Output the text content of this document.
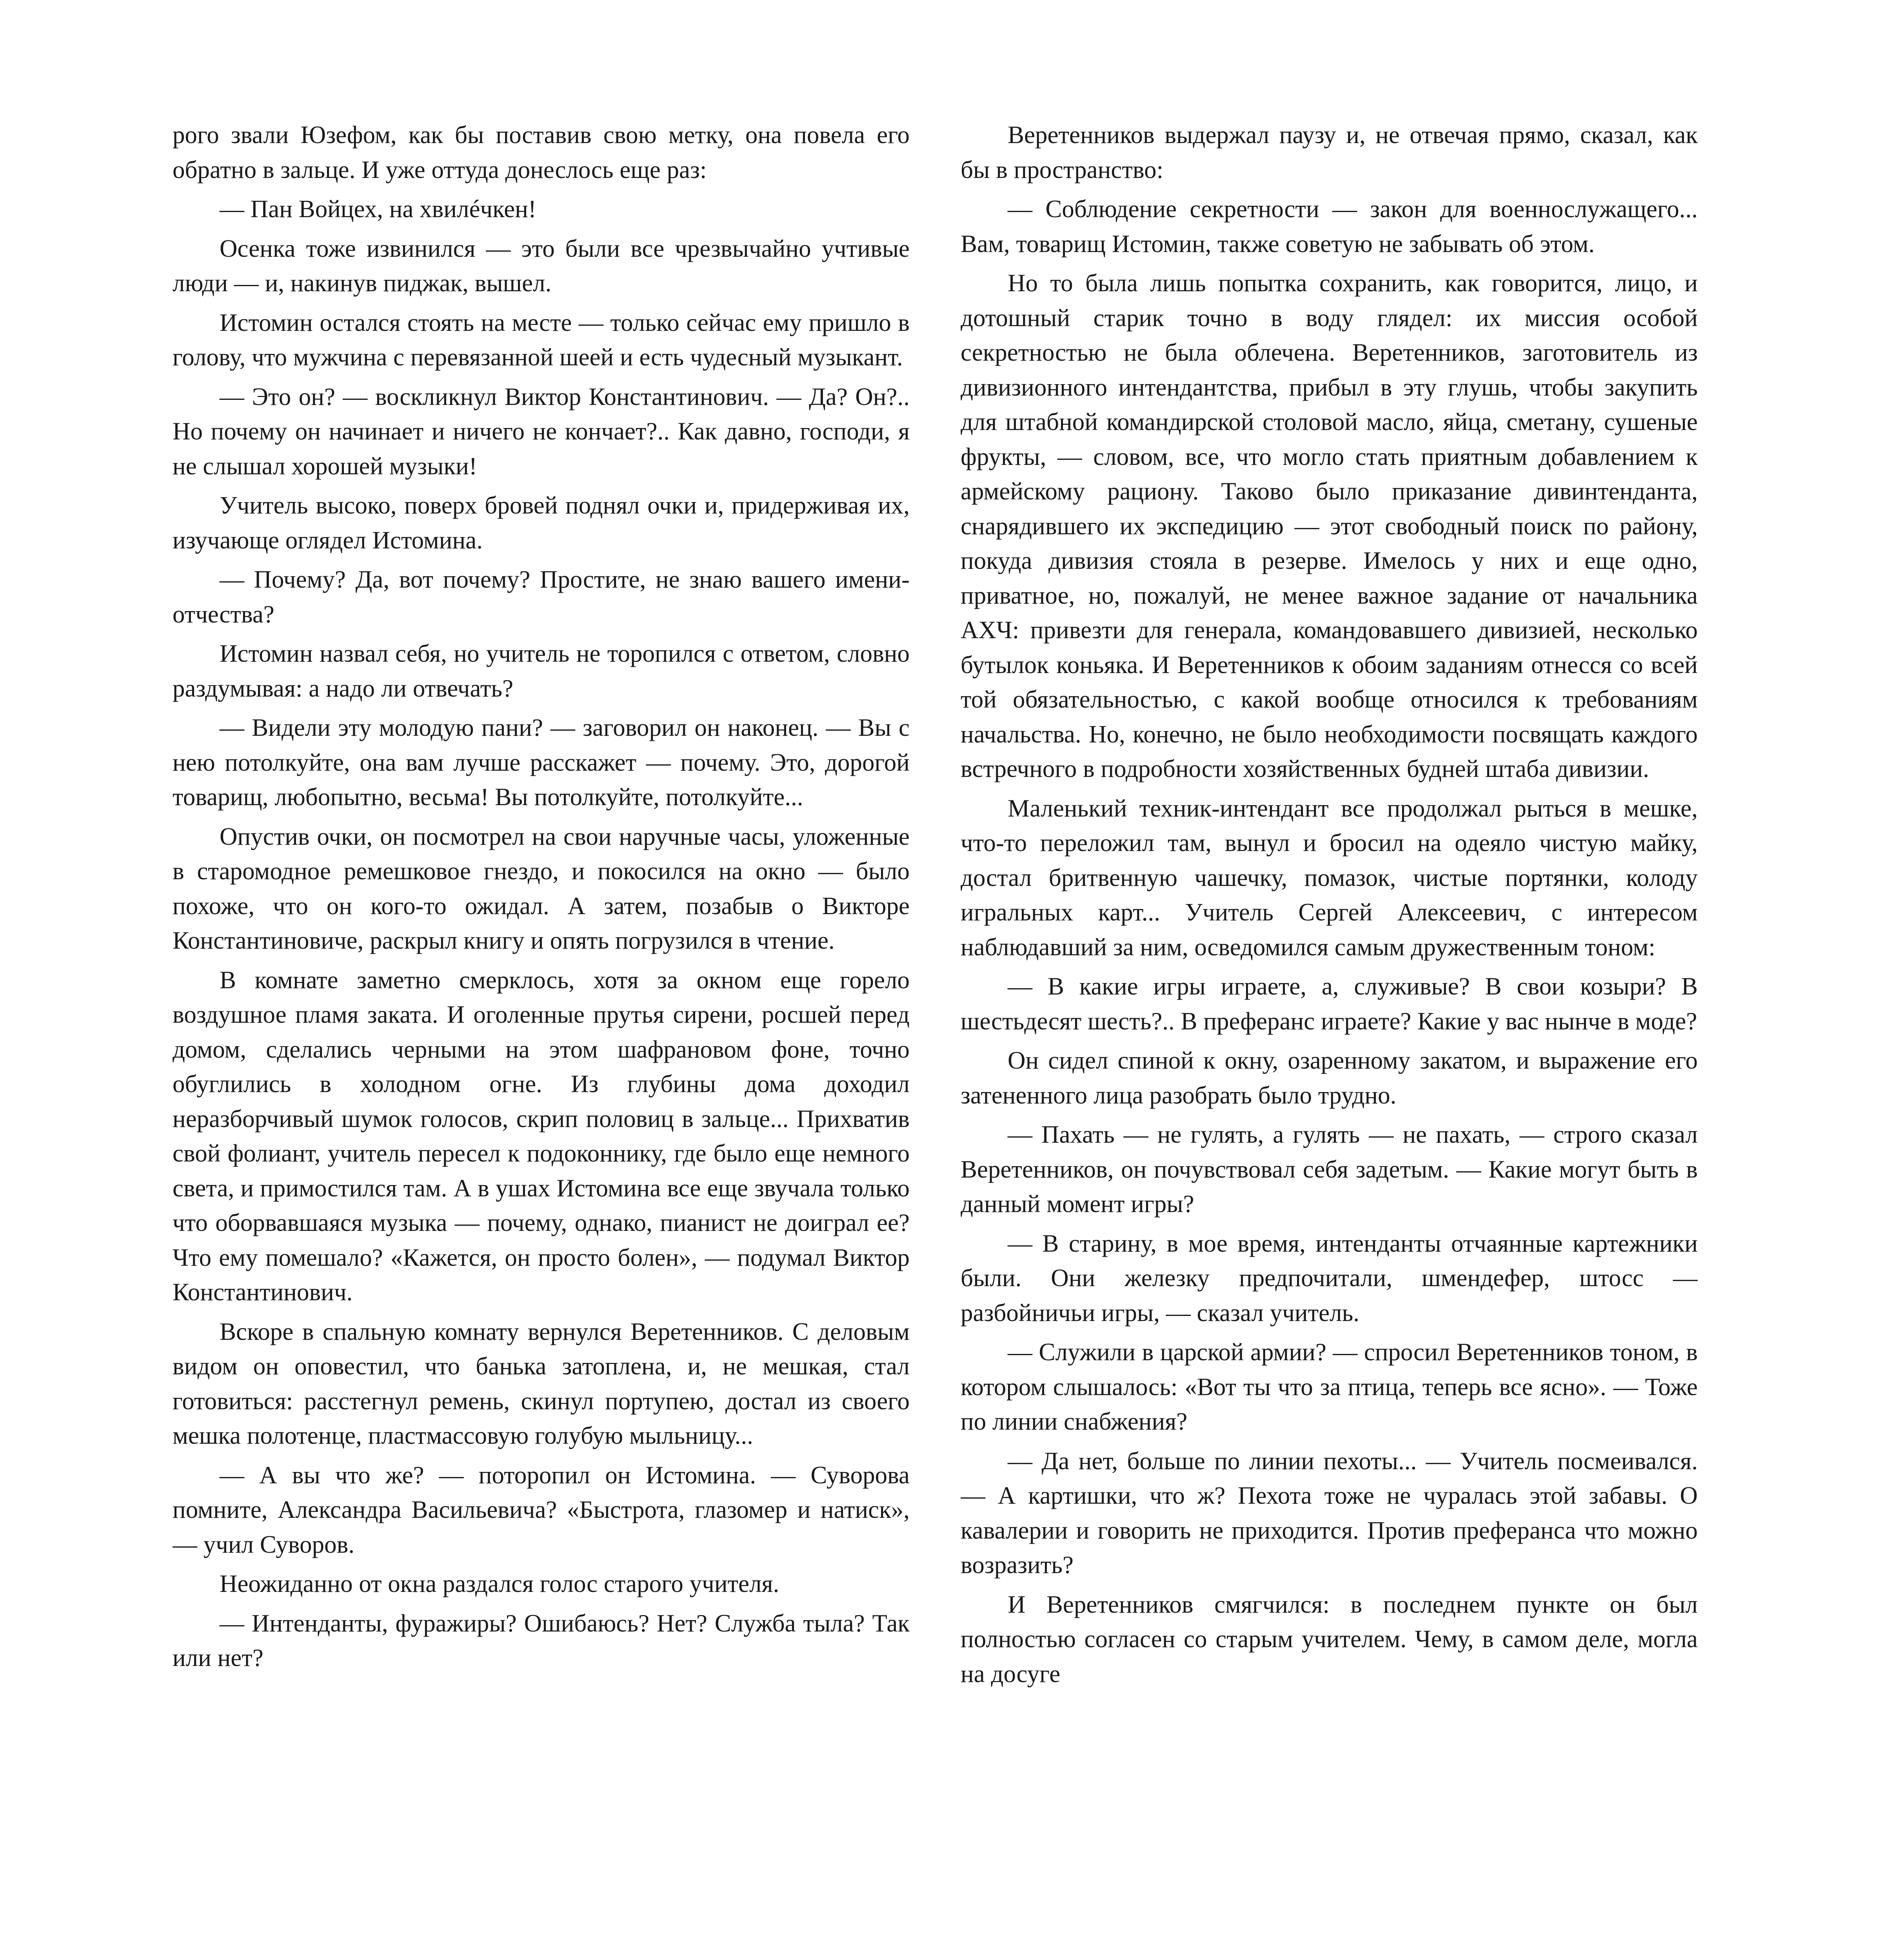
рого звали Юзефом, как бы поставив свою метку, она повела его обратно в зальце. И уже оттуда донеслось еще раз:

— Пан Войцех, на хвилéчкен!

Осенка тоже извинился — это были все чрезвычайно учтивые люди — и, накинув пиджак, вышел.

Истомин остался стоять на месте — только сейчас ему пришло в голову, что мужчина с перевязанной шеей и есть чудесный музыкант.

— Это он? — воскликнул Виктор Константинович. — Да? Он?.. Но почему он начинает и ничего не кончает?.. Как давно, господи, я не слышал хорошей музыки!

Учитель высоко, поверх бровей поднял очки и, придерживая их, изучающе оглядел Истомина.

— Почему? Да, вот почему? Простите, не знаю вашего имени-отчества?

Истомин назвал себя, но учитель не торопился с ответом, словно раздумывая: а надо ли отвечать?

— Видели эту молодую пани? — заговорил он наконец. — Вы с нею потолкуйте, она вам лучше расскажет — почему. Это, дорогой товарищ, любопытно, весьма! Вы потолкуйте, потолкуйте...

Опустив очки, он посмотрел на свои наручные часы, уложенные в старомодное ремешковое гнездо, и покосился на окно — было похоже, что он кого-то ожидал. А затем, позабыв о Викторе Константиновиче, раскрыл книгу и опять погрузился в чтение.

В комнате заметно смерклось, хотя за окном еще горело воздушное пламя заката. И оголенные прутья сирени, росшей перед домом, сделались черными на этом шафрановом фоне, точно обуглились в холодном огне. Из глубины дома доходил неразборчивый шумок голосов, скрип половиц в зальце... Прихватив свой фолиант, учитель пересел к подоконнику, где было еще немного света, и примостился там. А в ушах Истомина все еще звучала только что оборвавшаяся музыка — почему, однако, пианист не доиграл ее? Что ему помешало? «Кажется, он просто болен», — подумал Виктор Константинович.

Вскоре в спальную комнату вернулся Веретенников. С деловым видом он оповестил, что банька затоплена, и, не мешкая, стал готовиться: расстегнул ремень, скинул портупею, достал из своего мешка полотенце, пластмассовую голубую мыльницу...

— А вы что же? — поторопил он Истомина. — Суворова помните, Александра Васильевича? «Быстрота, глазомер и натиск», — учил Суворов.

Неожиданно от окна раздался голос старого учителя.

— Интенданты, фуражиры? Ошибаюсь? Нет? Служба тыла? Так или нет?

Веретенников выдержал паузу и, не отвечая прямо, сказал, как бы в пространство:

— Соблюдение секретности — закон для военнослужащего... Вам, товарищ Истомин, также советую не забывать об этом.

Но то была лишь попытка сохранить, как говорится, лицо, и дотошный старик точно в воду глядел: их миссия особой секретностью не была облечена. Веретенников, заготовитель из дивизионного интендантства, прибыл в эту глушь, чтобы закупить для штабной командирской столовой масло, яйца, сметану, сушеные фрукты, — словом, все, что могло стать приятным добавлением к армейскому рациону. Таково было приказание дивинтенданта, снарядившего их экспедицию — этот свободный поиск по району, покуда дивизия стояла в резерве. Имелось у них и еще одно, приватное, но, пожалуй, не менее важное задание от начальника АХЧ: привезти для генерала, командовавшего дивизией, несколько бутылок коньяка. И Веретенников к обоим заданиям отнесся со всей той обязательностью, с какой вообще относился к требованиям начальства. Но, конечно, не было необходимости посвящать каждого встречного в подробности хозяйственных будней штаба дивизии.

Маленький техник-интендант все продолжал рыться в мешке, что-то переложил там, вынул и бросил на одеяло чистую майку, достал бритвенную чашечку, помазок, чистые портянки, колоду игральных карт... Учитель Сергей Алексеевич, с интересом наблюдавший за ним, осведомился самым дружественным тоном:

— В какие игры играете, а, служивые? В свои козыри? В шестьдесят шесть?.. В преферанс играете? Какие у вас нынче в моде?

Он сидел спиной к окну, озаренному закатом, и выражение его затененного лица разобрать было трудно.

— Пахать — не гулять, а гулять — не пахать, — строго сказал Веретенников, он почувствовал себя задетым. — Какие могут быть в данный момент игры?

— В старину, в мое время, интенданты отчаянные картежники были. Они железку предпочитали, шмендефер, штосс — разбойничьи игры, — сказал учитель.

— Служили в царской армии? — спросил Веретенников тоном, в котором слышалось: «Вот ты что за птица, теперь все ясно». — Тоже по линии снабжения?

— Да нет, больше по линии пехоты... — Учитель посмеивался. — А картишки, что ж? Пехота тоже не чуралась этой забавы. О кавалерии и говорить не приходится. Против преферанса что можно возразить?

И Веретенников смягчился: в последнем пункте он был полностью согласен со старым учителем. Чему, в самом деле, могла на досуге
